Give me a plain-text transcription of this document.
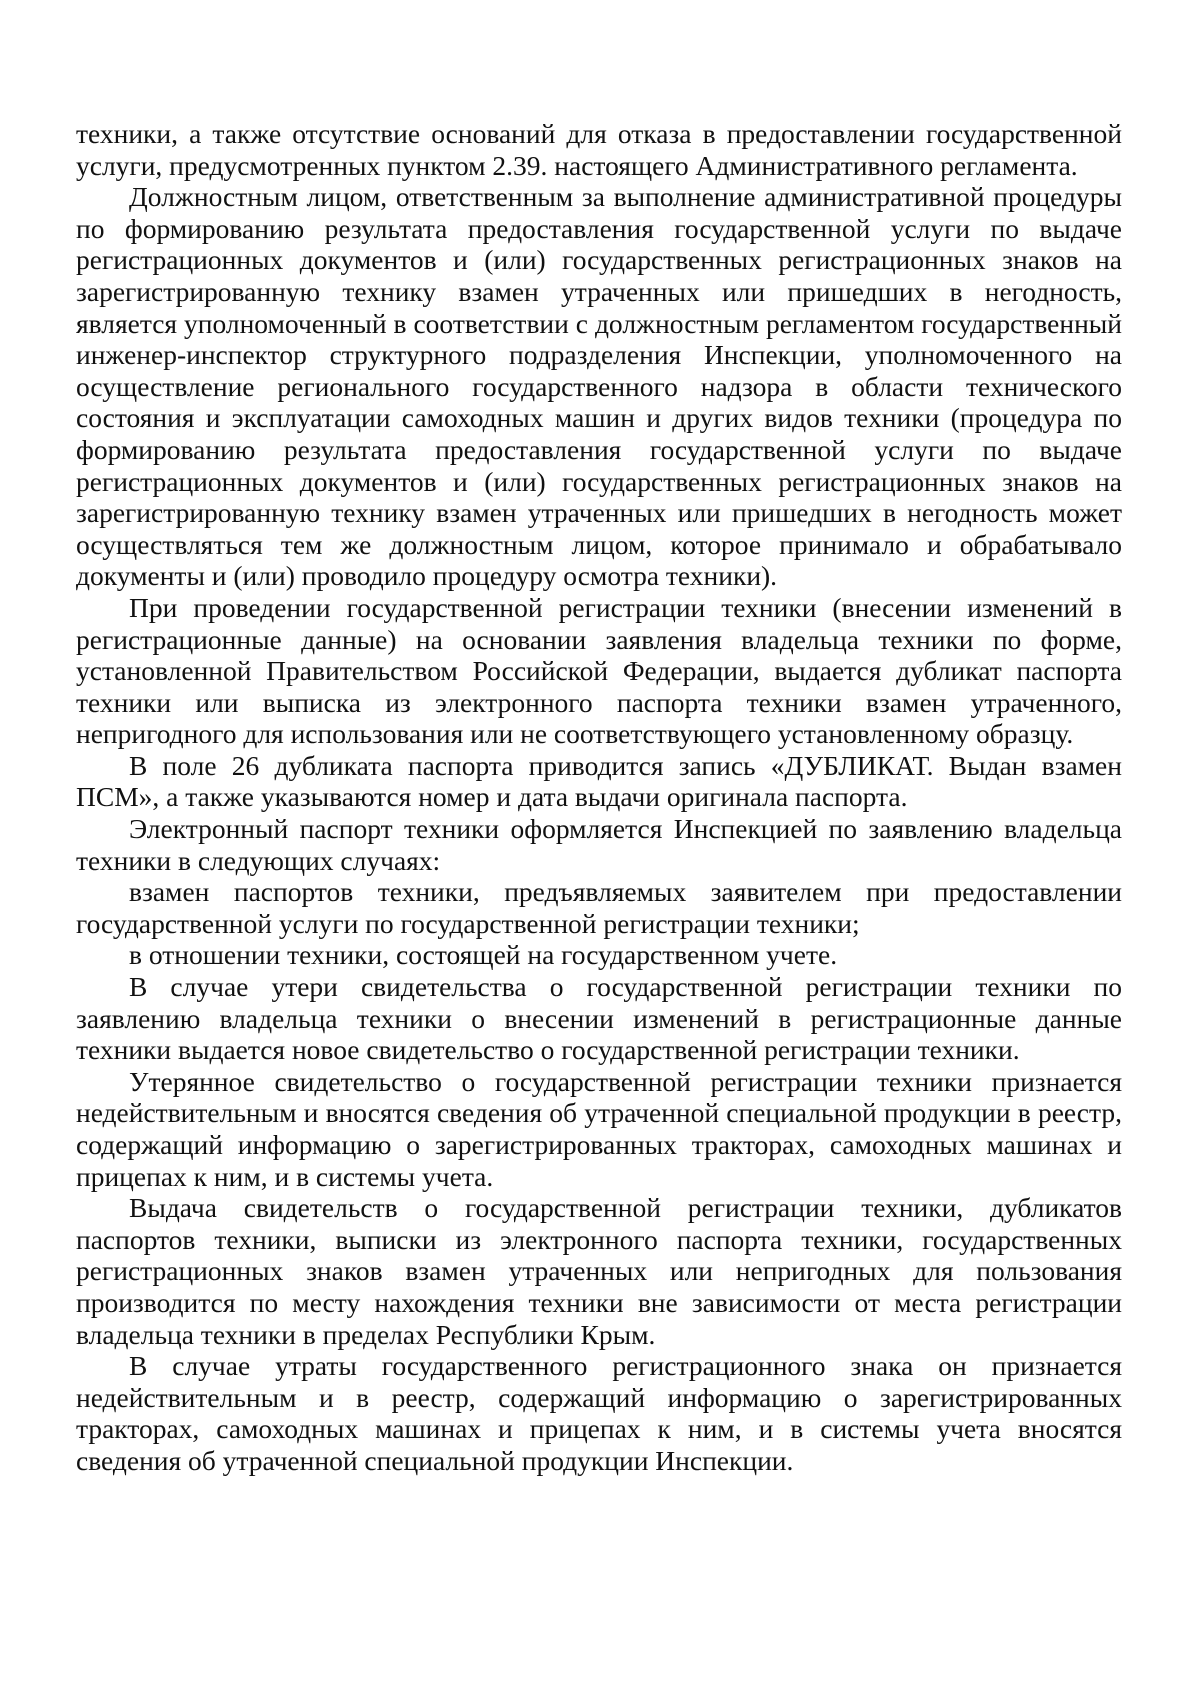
техники, а также отсутствие оснований для отказа в предоставлении государственной услуги, предусмотренных пунктом 2.39. настоящего Административного регламента.

Должностным лицом, ответственным за выполнение административной процедуры по формированию результата предоставления государственной услуги по выдаче регистрационных документов и (или) государственных регистрационных знаков на зарегистрированную технику взамен утраченных или пришедших в негодность, является уполномоченный в соответствии с должностным регламентом государственный инженер-инспектор структурного подразделения Инспекции, уполномоченного на осуществление регионального государственного надзора в области технического состояния и эксплуатации самоходных машин и других видов техники (процедура по формированию результата предоставления государственной услуги по выдаче регистрационных документов и (или) государственных регистрационных знаков на зарегистрированную технику взамен утраченных или пришедших в негодность может осуществляться тем же должностным лицом, которое принимало и обрабатывало документы и (или) проводило процедуру осмотра техники).

При проведении государственной регистрации техники (внесении изменений в регистрационные данные) на основании заявления владельца техники по форме, установленной Правительством Российской Федерации, выдается дубликат паспорта техники или выписка из электронного паспорта техники взамен утраченного, непригодного для использования или не соответствующего установленному образцу.

В поле 26 дубликата паспорта приводится запись «ДУБЛИКАТ. Выдан взамен ПСМ», а также указываются номер и дата выдачи оригинала паспорта.

Электронный паспорт техники оформляется Инспекцией по заявлению владельца техники в следующих случаях:

взамен паспортов техники, предъявляемых заявителем при предоставлении государственной услуги по государственной регистрации техники;

в отношении техники, состоящей на государственном учете.

В случае утери свидетельства о государственной регистрации техники по заявлению владельца техники о внесении изменений в регистрационные данные техники выдается новое свидетельство о государственной регистрации техники.

Утерянное свидетельство о государственной регистрации техники признается недействительным и вносятся сведения об утраченной специальной продукции в реестр, содержащий информацию о зарегистрированных тракторах, самоходных машинах и прицепах к ним, и в системы учета.

Выдача свидетельств о государственной регистрации техники, дубликатов паспортов техники, выписки из электронного паспорта техники, государственных регистрационных знаков взамен утраченных или непригодных для пользования производится по месту нахождения техники вне зависимости от места регистрации владельца техники в пределах Республики Крым.

В случае утраты государственного регистрационного знака он признается недействительным и в реестр, содержащий информацию о зарегистрированных тракторах, самоходных машинах и прицепах к ним, и в системы учета вносятся сведения об утраченной специальной продукции Инспекции.
